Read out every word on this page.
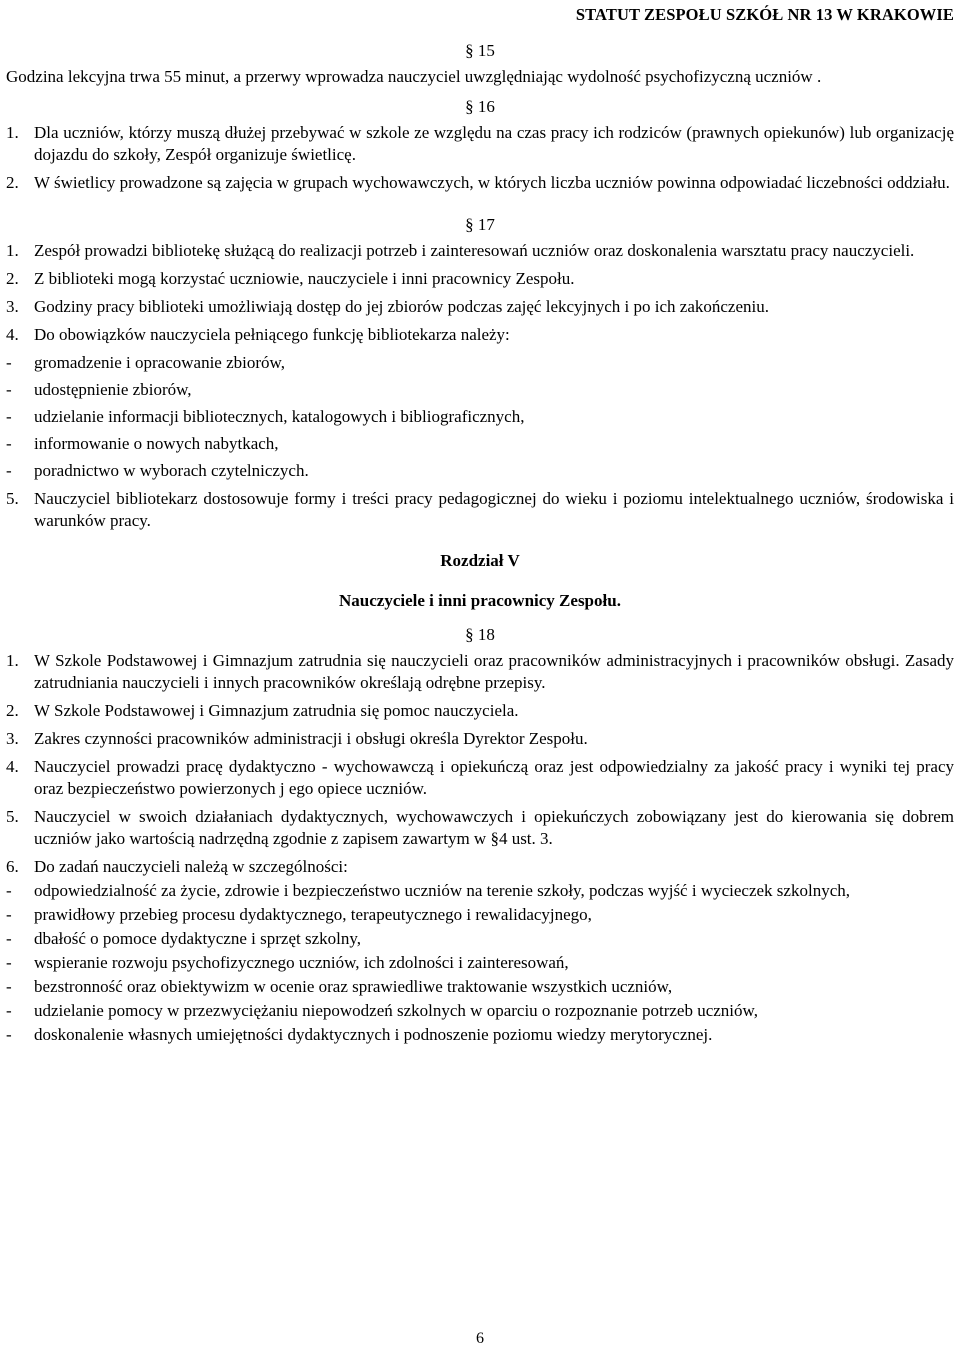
STATUT ZESPOŁU SZKÓŁ NR 13 W KRAKOWIE
§ 15

Godzina lekcyjna trwa 55 minut, a przerwy wprowadza nauczyciel uwzględniając wydolność psychofizyczną uczniów .

§ 16
1. Dla uczniów, którzy muszą dłużej przebywać w szkole ze względu na czas pracy ich rodziców (prawnych opiekunów) lub organizację dojazdu do szkoły, Zespół organizuje świetlicę.
2. W świetlicy prowadzone są zajęcia w grupach wychowawczych, w których liczba uczniów powinna odpowiadać liczebności oddziału.
§ 17
1. Zespół prowadzi bibliotekę służącą do realizacji potrzeb i zainteresowań uczniów oraz doskonalenia warsztatu pracy nauczycieli.
2. Z biblioteki mogą korzystać uczniowie, nauczyciele i inni pracownicy Zespołu.
3. Godziny pracy biblioteki umożliwiają dostęp do jej zbiorów podczas zajęć lekcyjnych i po ich zakończeniu.
4. Do obowiązków nauczyciela pełniącego funkcję bibliotekarza należy:
- gromadzenie i opracowanie zbiorów,
- udostępnienie zbiorów,
- udzielanie informacji bibliotecznych, katalogowych i bibliograficznych,
- informowanie o nowych nabytkach,
- poradnictwo w wyborach czytelniczych.
5. Nauczyciel bibliotekarz dostosowuje formy i treści pracy pedagogicznej do wieku i poziomu intelektualnego uczniów, środowiska i warunków pracy.
Rozdział V
Nauczyciele i inni pracownicy Zespołu.
§ 18
1. W Szkole Podstawowej i Gimnazjum zatrudnia się nauczycieli oraz pracowników administracyjnych i pracowników obsługi. Zasady zatrudniania nauczycieli i innych pracowników określają odrębne przepisy.
2. W Szkole Podstawowej i Gimnazjum zatrudnia się pomoc nauczyciela.
3. Zakres czynności pracowników administracji i obsługi określa Dyrektor Zespołu.
4. Nauczyciel prowadzi pracę dydaktyczno - wychowawczą i opiekuńczą oraz jest odpowiedzialny za jakość pracy i wyniki tej pracy oraz bezpieczeństwo powierzonych j ego opiece uczniów.
5. Nauczyciel w swoich działaniach dydaktycznych, wychowawczych i opiekuńczych zobowiązany jest do kierowania się dobrem uczniów jako wartością nadrzędną zgodnie z zapisem zawartym w §4 ust. 3.
6. Do zadań nauczycieli należą w szczególności:
- odpowiedzialność za życie, zdrowie i bezpieczeństwo uczniów na terenie szkoły, podczas wyjść i wycieczek szkolnych,
- prawidłowy przebieg procesu dydaktycznego, terapeutycznego i rewalidacyjnego,
- dbałość o pomoce dydaktyczne i sprzęt szkolny,
- wspieranie rozwoju psychofizycznego uczniów, ich zdolności i zainteresowań,
- bezstronność oraz obiektywizm w ocenie oraz sprawiedliwe traktowanie wszystkich uczniów,
- udzielanie pomocy w przezwyciężaniu niepowodzeń szkolnych w oparciu o rozpoznanie potrzeb uczniów,
- doskonalenie własnych umiejętności dydaktycznych i podnoszenie poziomu wiedzy merytorycznej.
6
